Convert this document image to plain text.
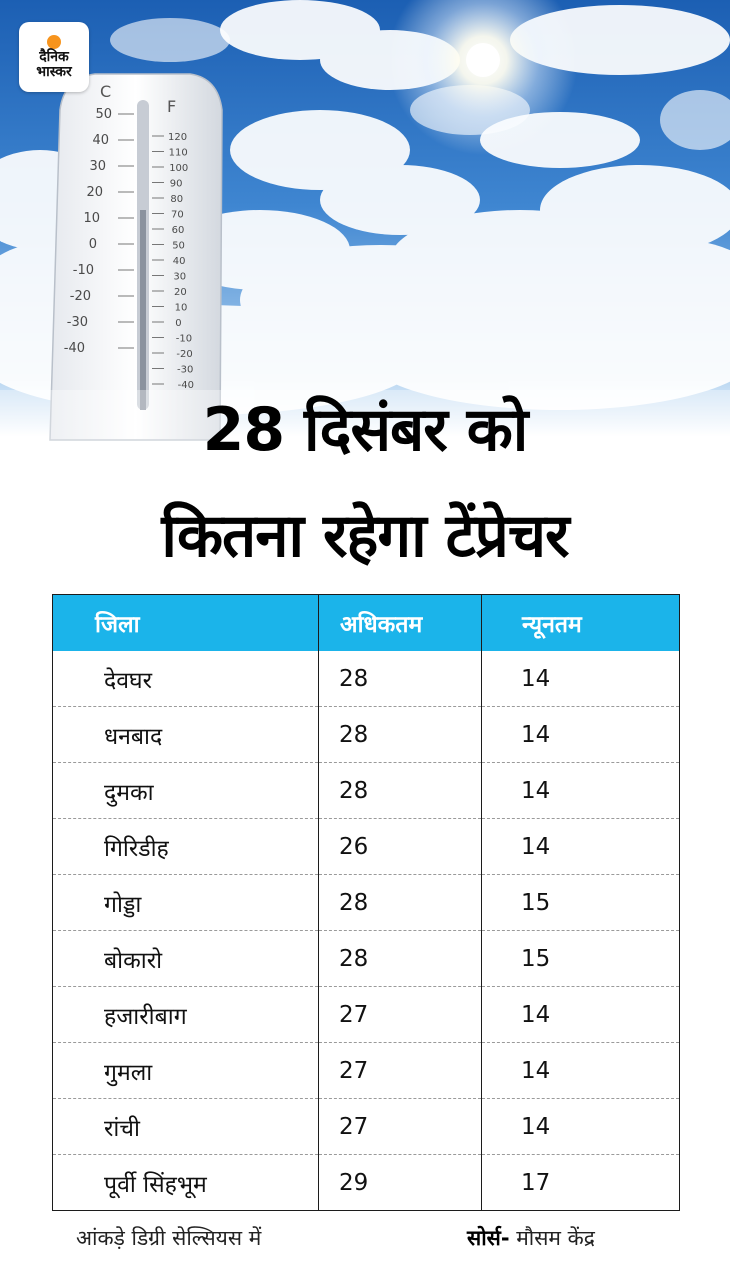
C
F
50
40
30
20
10
0
-10
-20
-30
-40
120
110
100
90
80
70
60
50
40
30
20
10
0
-10
-20
-30
-40
दैनिक
भास्कर
28 दिसंबर को
कितना रहेगा टेंप्रेचर
जिला	अधिकतम	न्यूनतम
देवघर	28	14
धनबाद	28	14
दुमका	28	14
गिरिडीह	26	14
गोड्डा	28	15
बोकारो	28	15
हजारीबाग	27	14
गुमला	27	14
रांची	27	14
पूर्वी सिंहभूम	29	17
आंकड़े डिग्री सेल्सियस में	सोर्स- मौसम केंद्र
